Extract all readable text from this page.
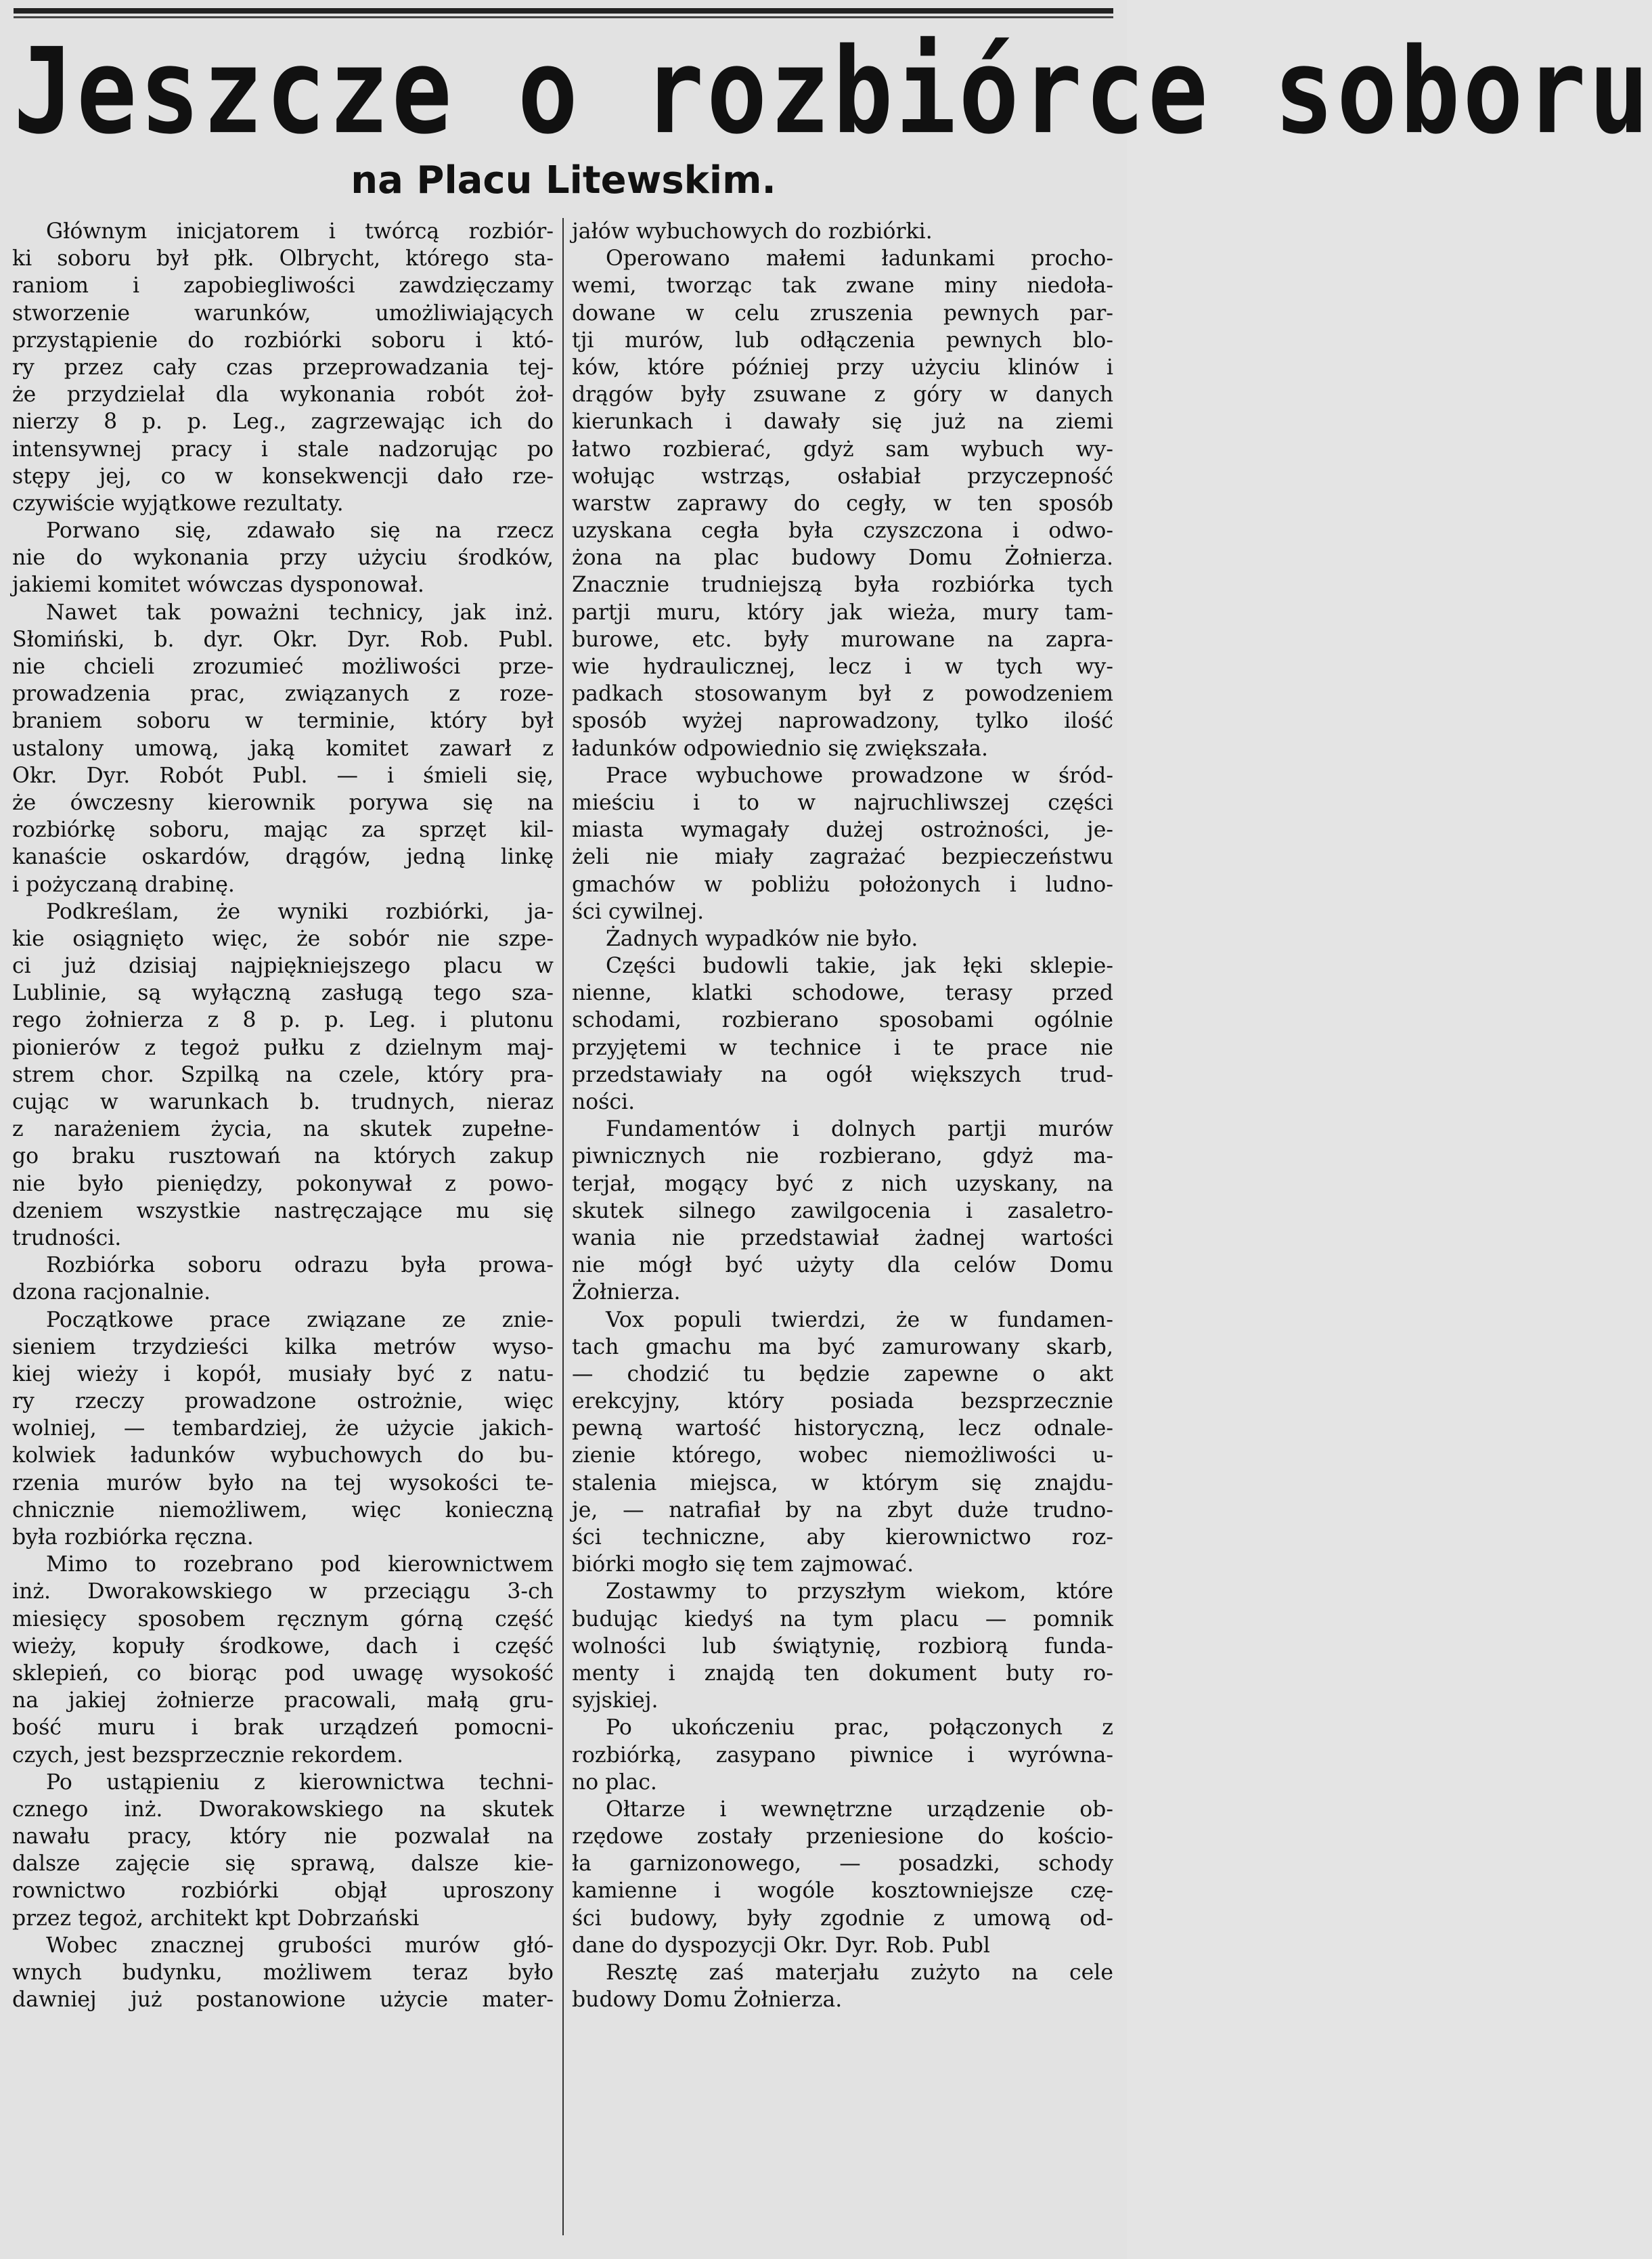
Jeszcze o rozbiórce soboru
na Placu Litewskim.
Głównym inicjatorem i twórcą rozbiór-
ki soboru był płk. Olbrycht, którego sta-
raniom i zapobiegliwości zawdzięczamy
stworzenie warunków, umożliwiających
przystąpienie do rozbiórki soboru i któ-
ry przez cały czas przeprowadzania tej-
że przydzielał dla wykonania robót żoł-
nierzy 8 p. p. Leg., zagrzewając ich do
intensywnej pracy i stale nadzorując po
stępy jej, co w konsekwencji dało rze-
czywiście wyjątkowe rezultaty.
Porwano się, zdawało się na rzecz
nie do wykonania przy użyciu środków,
jakiemi komitet wówczas dysponował.
Nawet tak poważni technicy, jak inż.
Słomiński, b. dyr. Okr. Dyr. Rob. Publ.
nie chcieli zrozumieć możliwości prze-
prowadzenia prac, związanych z roze-
braniem soboru w terminie, który był
ustalony umową, jaką komitet zawarł z
Okr. Dyr. Robót Publ. — i śmieli się,
że ówczesny kierownik porywa się na
rozbiórkę soboru, mając za sprzęt kil-
kanaście oskardów, drągów, jedną linkę
i pożyczaną drabinę.
Podkreślam, że wyniki rozbiórki, ja-
kie osiągnięto więc, że sobór nie szpe-
ci już dzisiaj najpiękniejszego placu w
Lublinie, są wyłączną zasługą tego sza-
rego żołnierza z 8 p. p. Leg. i plutonu
pionierów z tegoż pułku z dzielnym maj-
strem chor. Szpilką na czele, który pra-
cując w warunkach b. trudnych, nieraz
z narażeniem życia, na skutek zupełne-
go braku rusztowań na których zakup
nie było pieniędzy, pokonywał z powo-
dzeniem wszystkie nastręczające mu się
trudności.
Rozbiórka soboru odrazu była prowa-
dzona racjonalnie.
Początkowe prace związane ze znie-
sieniem trzydzieści kilka metrów wyso-
kiej wieży i kopół, musiały być z natu-
ry rzeczy prowadzone ostrożnie, więc
wolniej, — tembardziej, że użycie jakich-
kolwiek ładunków wybuchowych do bu-
rzenia murów było na tej wysokości te-
chnicznie niemożliwem, więc konieczną
była rozbiórka ręczna.
Mimo to rozebrano pod kierownictwem
inż. Dworakowskiego w przeciągu 3-ch
miesięcy sposobem ręcznym górną część
wieży, kopuły środkowe, dach i część
sklepień, co biorąc pod uwagę wysokość
na jakiej żołnierze pracowali, małą gru-
bość muru i brak urządzeń pomocni-
czych, jest bezsprzecznie rekordem.
Po ustąpieniu z kierownictwa techni-
cznego inż. Dworakowskiego na skutek
nawału pracy, który nie pozwalał na
dalsze zajęcie się sprawą, dalsze kie-
rownictwo rozbiórki objął uproszony
przez tegoż, architekt kpt Dobrzański
Wobec znacznej grubości murów głó-
wnych budynku, możliwem teraz było
dawniej już postanowione użycie mater-
jałów wybuchowych do rozbiórki.
Operowano małemi ładunkami procho-
wemi, tworząc tak zwane miny niedoła-
dowane w celu zruszenia pewnych par-
tji murów, lub odłączenia pewnych blo-
ków, które później przy użyciu klinów i
drągów były zsuwane z góry w danych
kierunkach i dawały się już na ziemi
łatwo rozbierać, gdyż sam wybuch wy-
wołując wstrząs, osłabiał przyczepność
warstw zaprawy do cegły, w ten sposób
uzyskana cegła była czyszczona i odwo-
żona na plac budowy Domu Żołnierza.
Znacznie trudniejszą była rozbiórka tych
partji muru, który jak wieża, mury tam-
burowe, etc. były murowane na zapra-
wie hydraulicznej, lecz i w tych wy-
padkach stosowanym był z powodzeniem
sposób wyżej naprowadzony, tylko ilość
ładunków odpowiednio się zwiększała.
Prace wybuchowe prowadzone w śród-
mieściu i to w najruchliwszej części
miasta wymagały dużej ostrożności, je-
żeli nie miały zagrażać bezpieczeństwu
gmachów w pobliżu położonych i ludno-
ści cywilnej.
Żadnych wypadków nie było.
Części budowli takie, jak łęki sklepie-
nienne, klatki schodowe, terasy przed
schodami, rozbierano sposobami ogólnie
przyjętemi w technice i te prace nie
przedstawiały na ogół większych trud-
ności.
Fundamentów i dolnych partji murów
piwnicznych nie rozbierano, gdyż ma-
terjał, mogący być z nich uzyskany, na
skutek silnego zawilgocenia i zasaletro-
wania nie przedstawiał żadnej wartości
nie mógł być użyty dla celów Domu
Żołnierza.
Vox populi twierdzi, że w fundamen-
tach gmachu ma być zamurowany skarb,
— chodzić tu będzie zapewne o akt
erekcyjny, który posiada bezsprzecznie
pewną wartość historyczną, lecz odnale-
zienie którego, wobec niemożliwości u-
stalenia miejsca, w którym się znajdu-
je, — natrafiał by na zbyt duże trudno-
ści techniczne, aby kierownictwo roz-
biórki mogło się tem zajmować.
Zostawmy to przyszłym wiekom, które
budując kiedyś na tym placu — pomnik
wolności lub świątynię, rozbiorą funda-
menty i znajdą ten dokument buty ro-
syjskiej.
Po ukończeniu prac, połączonych z
rozbiórką, zasypano piwnice i wyrówna-
no plac.
Ołtarze i wewnętrzne urządzenie ob-
rzędowe zostały przeniesione do kościo-
ła garnizonowego, — posadzki, schody
kamienne i wogóle kosztowniejsze czę-
ści budowy, były zgodnie z umową od-
dane do dyspozycji Okr. Dyr. Rob. Publ
Resztę zaś materjału zużyto na cele
budowy Domu Żołnierza.
